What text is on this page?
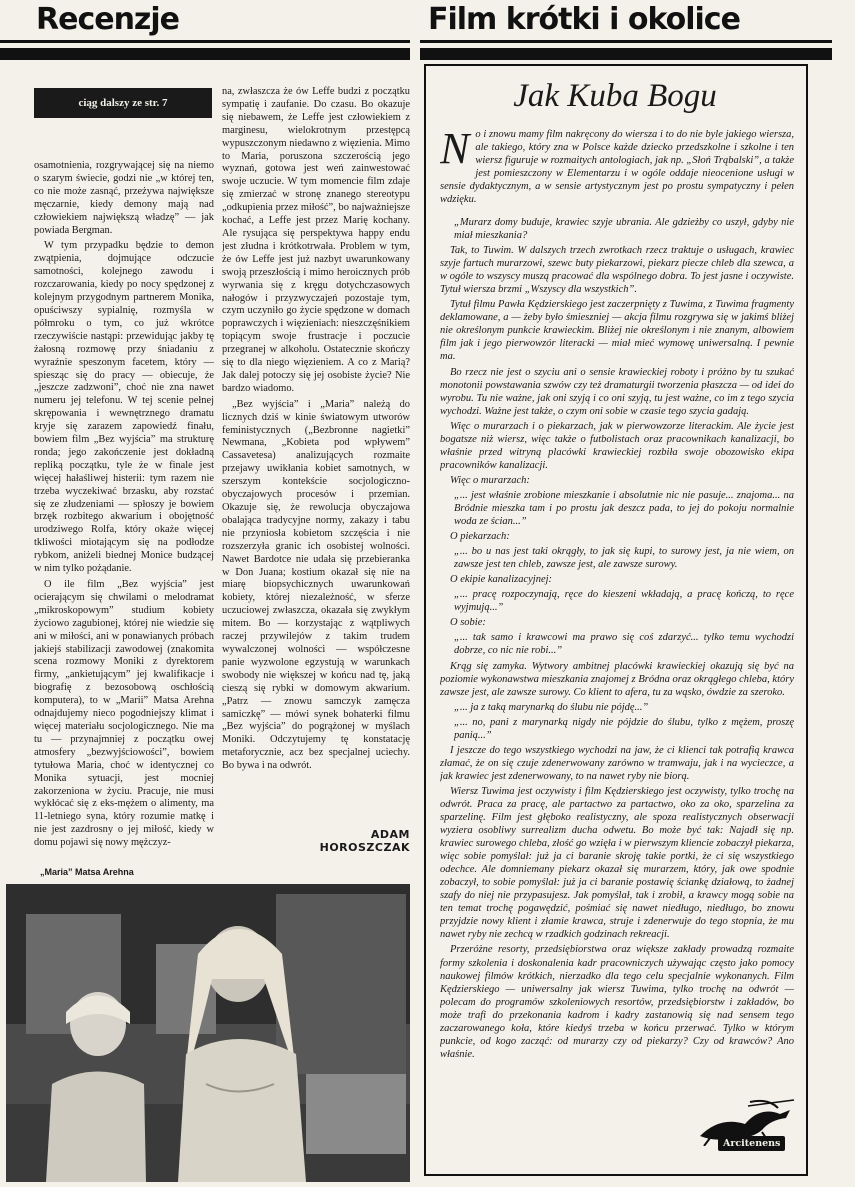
Recenzje	Film krótki i okolice
ciąg dalszy ze str. 7

osamotnienia, rozgrywającej się na niemo o szarym świecie, godzi nie „w której ten, co nie może zasnąć, przeżywa największe męczarnie, kiedy demony mają nad człowiekiem największą władzę” — jak powiada Bergman.

W tym przypadku będzie to demon zwątpienia, dojmujące odczucie samotności, kolejnego zawodu i rozczarowania, kiedy po nocy spędzonej z kolejnym przygodnym partnerem Monika, opuściwszy sypialnię, rozmyśla w półmroku o tym, co już wkrótce rzeczywiście nastąpi: przewidując jakby tę żałosną rozmowę przy śniadaniu z wyraźnie speszonym facetem, który — spiesząc się do pracy — obiecuje, że „jeszcze zadzwoni”, choć nie zna nawet numeru jej telefonu. W tej scenie pełnej skrępowania i wewnętrznego dramatu kryje się zarazem zapowiedź finału, bowiem film „Bez wyjścia” ma strukturę ronda; jego zakończenie jest dokładną repliką początku, tyle że w finale jest więcej hałaśliwej histerii: tym razem nie trzeba wyczekiwać brzasku, aby rozstać się ze złudzeniami — spłoszy je bowiem brzęk rozbitego akwarium i obojętność urodziwego Rolfa, który okaże więcej tkliwości miotającym się na podłodze rybkom, aniżeli biednej Monice budzącej w nim tylko pożądanie.

O ile film „Bez wyjścia” jest ocierającym się chwilami o melodramat „mikroskopowym” studium kobiety życiowo zagubionej, której nie wiedzie się ani w miłości, ani w ponawianych próbach jakiejś stabilizacji zawodowej (znakomita scena rozmowy Moniki z dyrektorem firmy, „ankietującym” jej kwalifikacje i biografię z bezosobową oschłością komputera), to w „Marii” Matsa Arehna odnajdujemy nieco pogodniejszy klimat i więcej materiału socjologicznego. Nie ma tu — przynajmniej z początku owej atmosfery „bezwyjściowości”, bowiem tytułowa Maria, choć w identycznej co Monika sytuacji, jest mocniej zakorzeniona w życiu. Pracuje, nie musi wykłócać się z eks-mężem o alimenty, ma 11-letniego syna, który rozumie matkę i nie jest zazdrosny o jej miłość, kiedy w domu pojawi się nowy mężczyz-

na, zwłaszcza że ów Leffe budzi z początku sympatię i zaufanie. Do czasu. Bo okazuje się niebawem, że Leffe jest człowiekiem z marginesu, wielokrotnym przestępcą wypuszczonym niedawno z więzienia. Mimo to Maria, poruszona szczerością jego wyznań, gotowa jest weń zainwestować swoje uczucie. W tym momencie film zdaje się zmierzać w stronę znanego stereotypu „odkupienia przez miłość”, bo najważniejsze kochać, a Leffe jest przez Marię kochany. Ale rysująca się perspektywa happy endu jest złudna i krótkotrwała. Problem w tym, że ów Leffe jest już nazbyt uwarunkowany swoją przeszłością i mimo heroicznych prób wyrwania się z kręgu dotychczasowych nałogów i przyzwyczajeń pozostaje tym, czym uczyniło go życie spędzone w domach poprawczych i więzieniach: nieszczęśnikiem topiącym swoje frustracje i poczucie przegranej w alkoholu. Ostatecznie skończy się to dla niego więzieniem. A co z Marią? Jak dalej potoczy się jej osobiste życie? Nie bardzo wiadomo.

„Bez wyjścia” i „Maria” należą do licznych dziś w kinie światowym utworów feministycznych („Bezbronne nagietki” Newmana, „Kobieta pod wpływem” Cassavetesa) analizujących rozmaite przejawy uwikłania kobiet samotnych, w szerszym kontekście socjologiczno-obyczajowych procesów i przemian. Okazuje się, że rewolucja obyczajowa obalająca tradycyjne normy, zakazy i tabu nie przyniosła kobietom szczęścia i nie rozszerzyła granic ich osobistej wolności. Nawet Bardotce nie udała się przebieranka w Don Juana; kostium okazał się nie na miarę biopsychicznych uwarunkowań kobiety, której niezależność, w sferze uczuciowej zwłaszcza, okazała się zwykłym mitem. Bo — korzystając z wątpliwych raczej przywilejów z takim trudem wywalczonej wolności — współczesne panie wyzwolone egzystują w warunkach swobody nie większej w końcu nad tę, jaką cieszą się rybki w domowym akwarium. „Patrz — znowu samczyk zamęcza samiczkę” — mówi synek bohaterki filmu „Bez wyjścia” do pogrążonej w myślach Moniki. Odczytujemy tę konstatację metaforycznie, acz bez specjalnej uciechy. Bo bywa i na odwrót.

ADAM
HOROSZCZAK
„Maria” Matsa Arehna
Jak Kuba Bogu
N o i znowu mamy film nakręcony do wiersza i to do nie byle jakiego wiersza, ale takiego, który zna w Polsce każde dziecko przedszkolne i szkolne i ten wiersz figuruje w rozmaitych antologiach, jak np. „Słoń Trąbalski”, a także jest pomieszczony w Elementarzu i w ogóle oddaje nieocenione usługi w sensie dydaktycznym, a w sensie artystycznym jest po prostu sympatyczny i pełen wdzięku.

„Murarz domy buduje, krawiec szyje ubrania. Ale gdzieżby co uszył, gdyby nie miał mieszkania?

Tak, to Tuwim. W dalszych trzech zwrotkach rzecz traktuje o usługach, krawiec szyje fartuch murarzowi, szewc buty piekarzowi, piekarz piecze chleb dla szewca, a w ogóle to wszyscy muszą pracować dla wspólnego dobra. To jest jasne i oczywiste. Tytuł wiersza brzmi „Wszyscy dla wszystkich”.

Tytuł filmu Pawła Kędzierskiego jest zaczerpnięty z Tuwima, z Tuwima fragmenty deklamowane, a — żeby było śmieszniej — akcja filmu rozgrywa się w jakimś bliżej nie określonym punkcie krawieckim. Bliżej nie określonym i nie znanym, albowiem film jak i jego pierwowzór literacki — miał mieć wymowę uniwersalną. I pewnie ma.

Bo rzecz nie jest o szyciu ani o sensie krawieckiej roboty i próżno by tu szukać monotonii powstawania szwów czy też dramaturgii tworzenia płaszcza — od idei do wyrobu. Tu nie ważne, jak oni szyją i co oni szyją, tu jest ważne, co im z tego szycia wychodzi. Ważne jest także, o czym oni sobie w czasie tego szycia gadają.

Więc o murarzach i o piekarzach, jak w pierwowzorze literackim. Ale życie jest bogatsze niż wiersz, więc także o futbolistach oraz pracownikach kanalizacji, bo właśnie przed witryną placówki krawieckiej rozbiła swoje obozowisko ekipa pracowników kanalizacji.

Więc o murarzach:

„... jest właśnie zrobione mieszkanie i absolutnie nic nie pasuje... znajoma... na Bródnie mieszka tam i po prostu jak deszcz pada, to jej do pokoju normalnie woda ze ścian...”

O piekarzach:

„... bo u nas jest taki okrągły, to jak się kupi, to surowy jest, ja nie wiem, on zawsze jest ten chleb, zawsze jest, ale zawsze surowy.

O ekipie kanalizacyjnej:

„... pracę rozpoczynają, ręce do kieszeni wkładają, a pracę kończą, to ręce wyjmują...”

O sobie:

„... tak samo i krawcowi ma prawo się coś zdarzyć... tylko temu wychodzi dobrze, co nic nie robi...”

Krąg się zamyka. Wytwory ambitnej placówki krawieckiej okazują się być na poziomie wykonawstwa mieszkania znajomej z Bródna oraz okrągłego chleba, który zawsze jest, ale zawsze surowy. Co klient to afera, tu za wąsko, ówdzie za szeroko.

„... ja z taką marynarką do ślubu nie pójdę...”

„... no, pani z marynarką nigdy nie pójdzie do ślubu, tylko z mężem, proszę panią...”

I jeszcze do tego wszystkiego wychodzi na jaw, że ci klienci tak potrafią krawca złamać, że on się czuje zdenerwowany zarówno w tramwaju, jak i na wycieczce, a jak krawiec jest zdenerwowany, to na nawet ryby nie biorą.

Wiersz Tuwima jest oczywisty i film Kędzierskiego jest oczywisty, tylko trochę na odwrót. Praca za pracę, ale partactwo za partactwo, oko za oko, sparzelina za sparzelinę. Film jest głęboko realistyczny, ale spoza realistycznych obserwacji wyziera osobliwy surrealizm ducha odwetu. Bo może być tak: Najadł się np. krawiec surowego chleba, złość go wzięła i w pierwszym kliencie zobaczył piekarza, więc sobie pomyślał: już ja ci baranie skroję takie portki, że ci się wszystkiego odechce. Ale domniemany piekarz okazał się murarzem, który, jak owe spodnie zobaczył, to sobie pomyślał: już ja ci baranie postawię ściankę działową, to żadnej szafy do niej nie przypasujesz. Jak pomyślał, tak i zrobił, a krawcy mogą sobie na ten temat trochę pogawędzić, pośmiać się nawet niedługo, niedługo, bo znowu przyjdzie nowy klient i złamie krawca, struje i zdenerwuje do tego stopnia, że mu nawet ryby nie zechcą w rzadkich godzinach rekreacji.

Przeróżne resorty, przedsiębiorstwa oraz większe zakłady prowadzą rozmaite formy szkolenia i doskonalenia kadr pracowniczych używając często jako pomocy naukowej filmów krótkich, nierzadko dla tego celu specjalnie wykonanych. Film Kędzierskiego — uniwersalny jak wiersz Tuwima, tylko trochę na odwrót — polecam do programów szkoleniowych resortów, przedsiębiorstw i zakładów, bo może trafi do przekonania kadrom i kadry zastanowią się nad sensem tego zaczarowanego koła, które kiedyś trzeba w końcu przerwać. Tylko w którym punkcie, od kogo zacząć: od murarzy czy od piekarzy? Czy od krawców? Ano właśnie.

Arcitenens
